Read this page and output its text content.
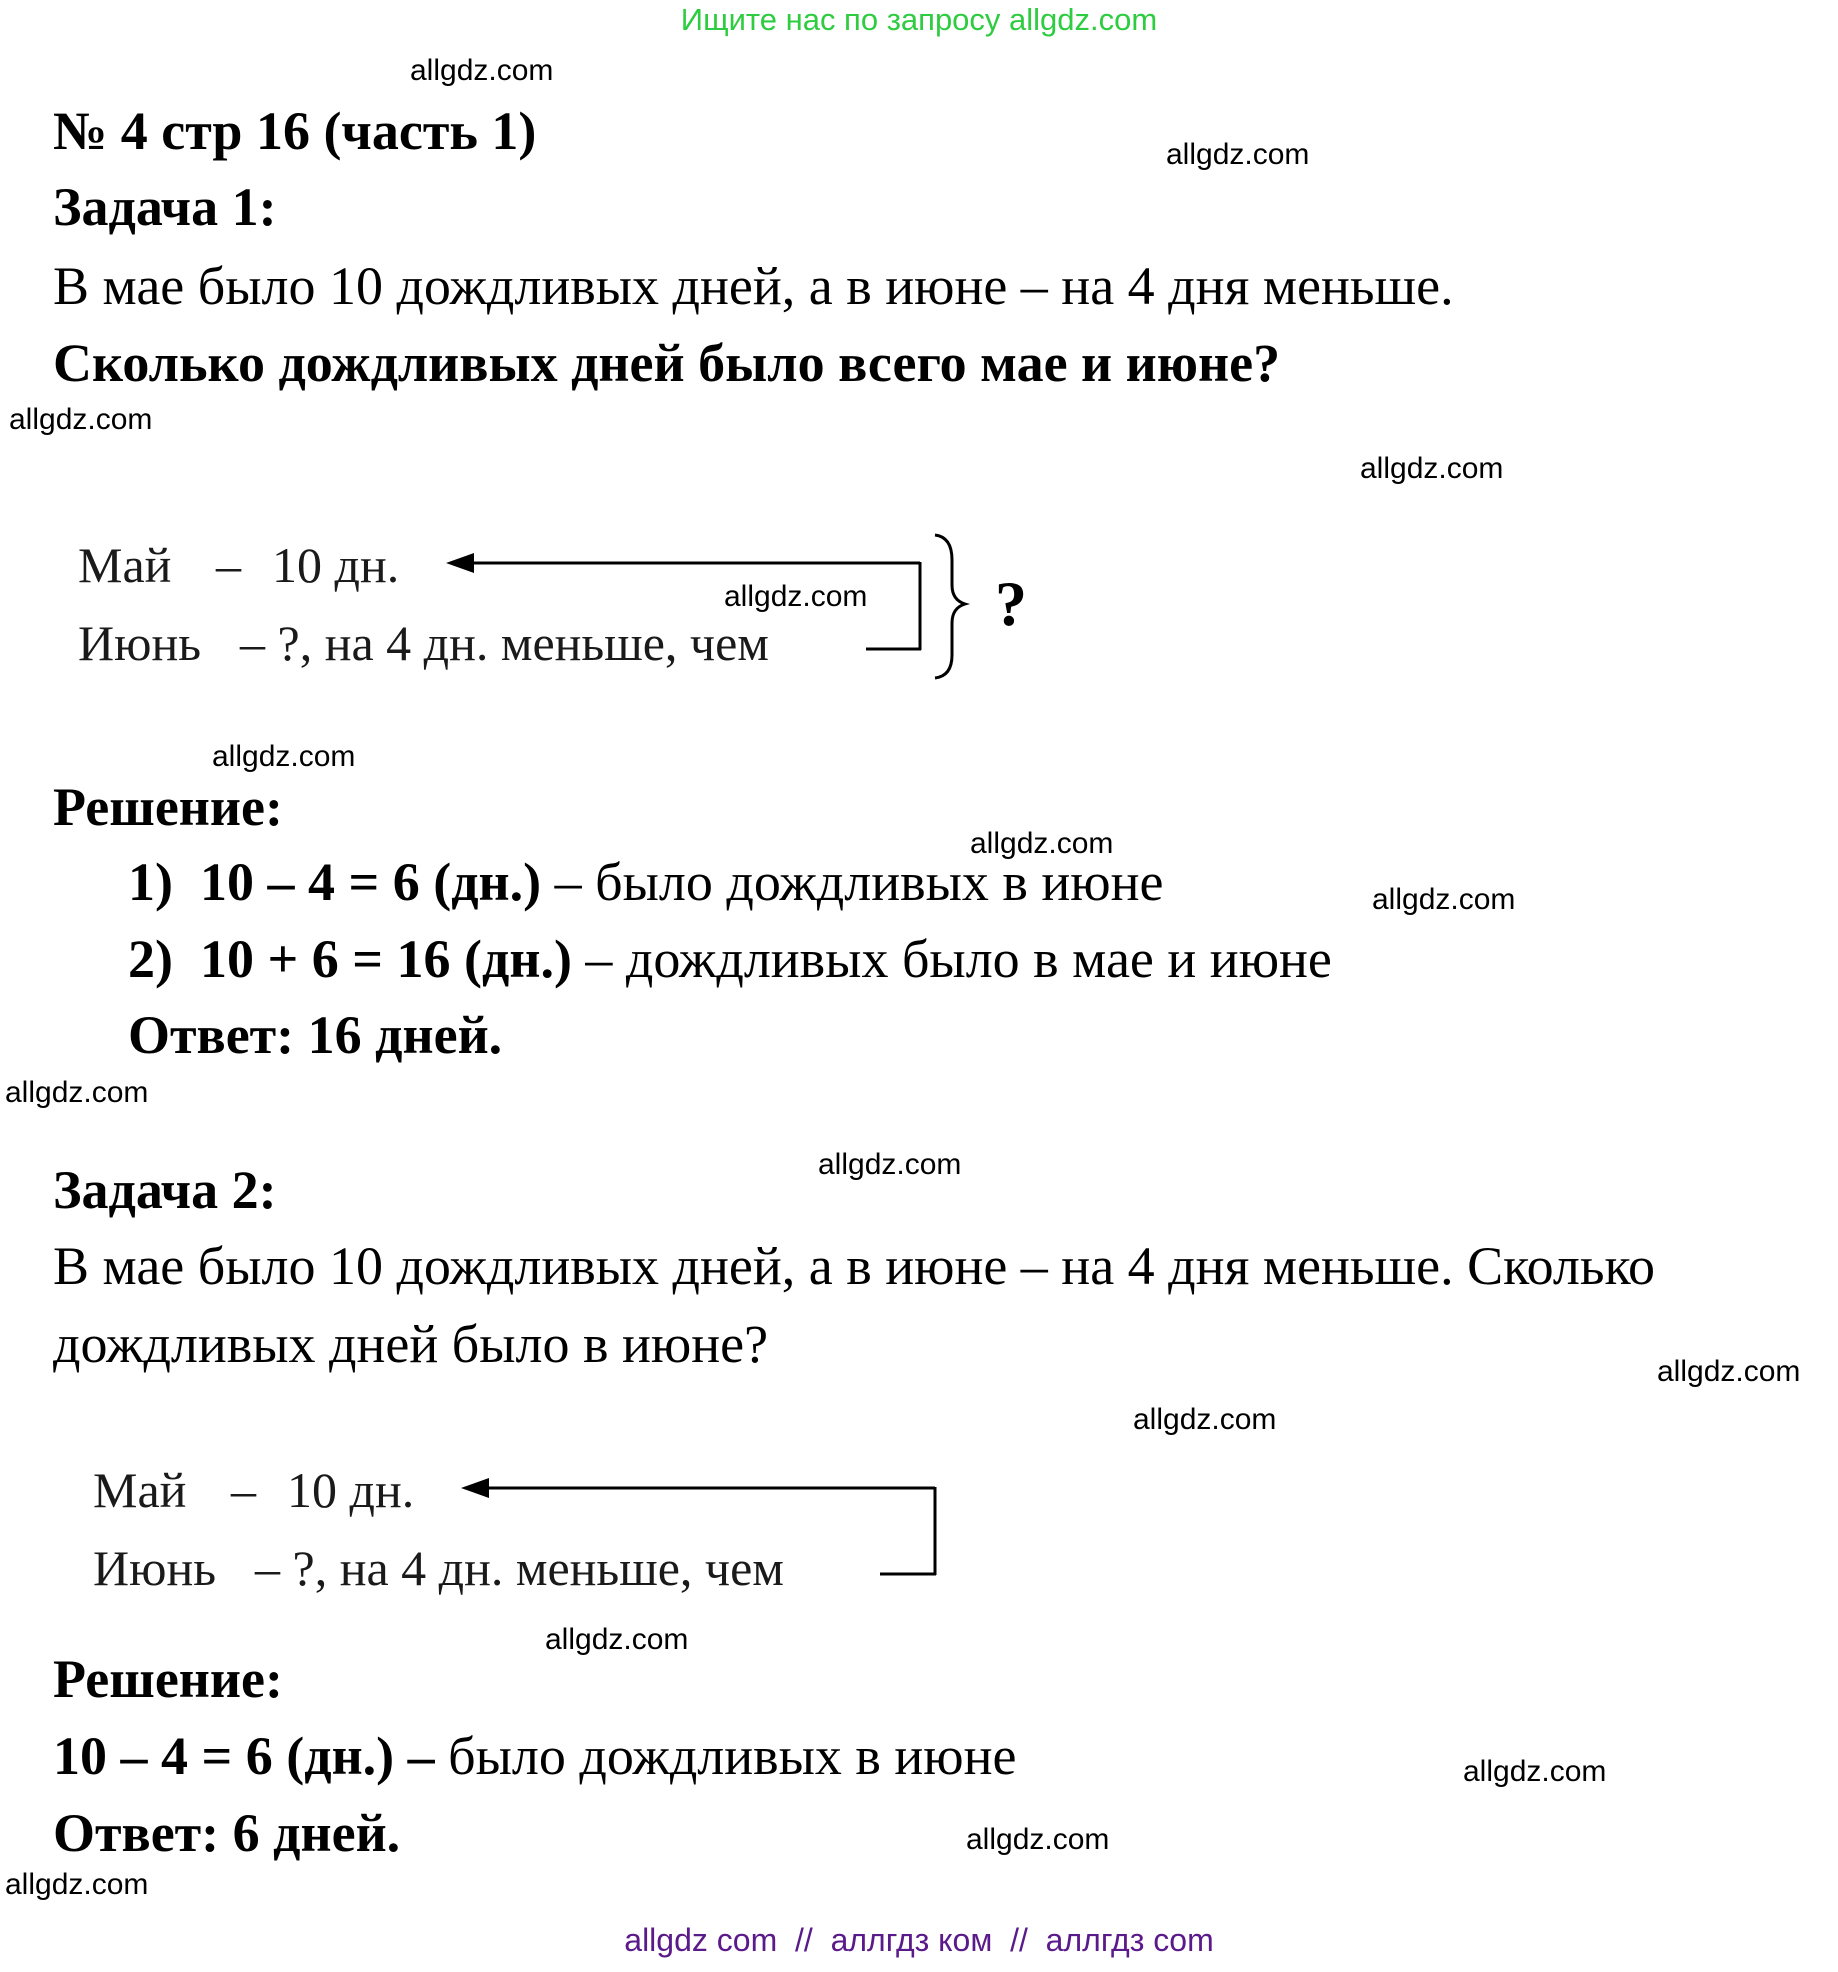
Ищите нас по запросу allgdz.com
allgdz.com
allgdz.com
allgdz.com
allgdz.com
allgdz.com
allgdz.com
allgdz.com
allgdz.com
allgdz.com
allgdz.com
allgdz.com
allgdz.com
allgdz.com
allgdz.com
allgdz.com
allgdz.com
№ 4 стр 16 (часть 1)
Задача 1:
В мае было 10 дождливых дней, а в июне – на 4 дня меньше.
Сколько дождливых дней было всего мае и июне?
Май – 10 дн.
Июнь – ?, на 4 дн. меньше, чем
?
Решение:
1) 10 – 4 = 6 (дн.) – было дождливых в июне
2) 10 + 6 = 16 (дн.) – дождливых было в мае и июне
Ответ: 16 дней.
Задача 2:
В мае было 10 дождливых дней, а в июне – на 4 дня меньше. Сколько
дождливых дней было в июне?
Май – 10 дн.
Июнь – ?, на 4 дн. меньше, чем
Решение:
10 – 4 = 6 (дн.) – было дождливых в июне
Ответ: 6 дней.
allgdz com  //  аллгдз ком  //  аллгдз com
